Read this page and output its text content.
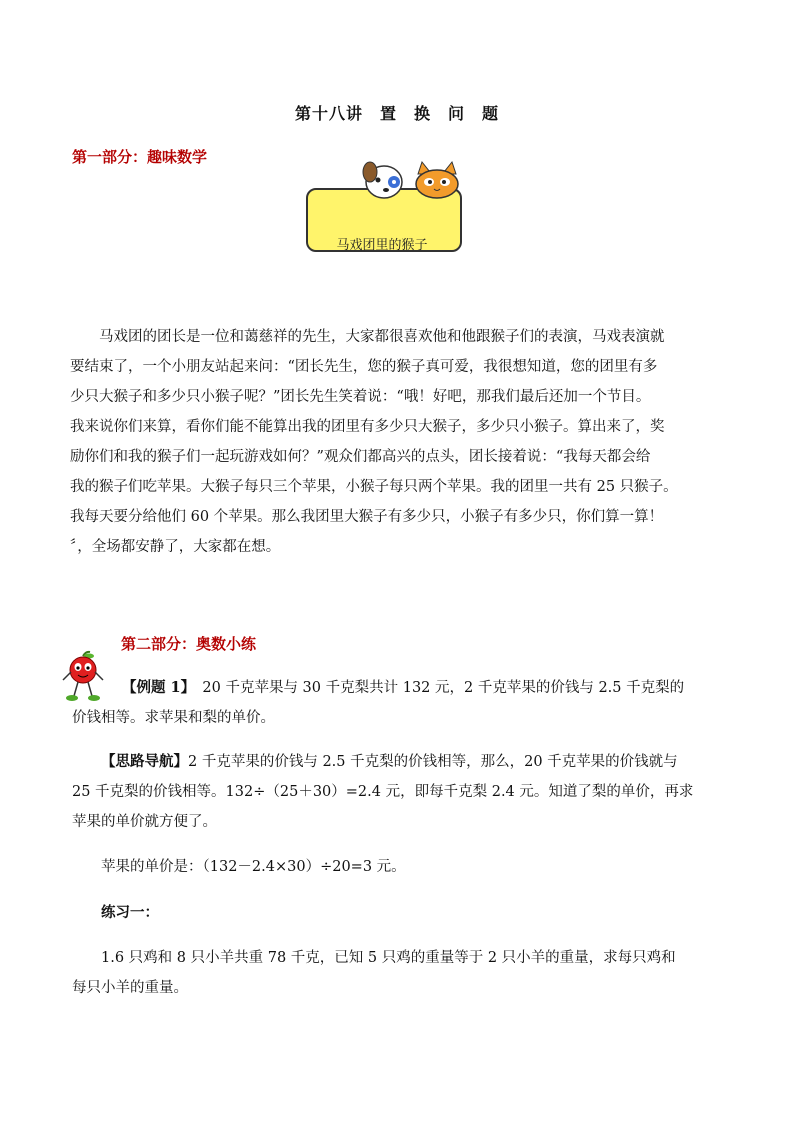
第十八讲　置　换　问　题
第一部分：趣味数学
马戏团里的猴子
马戏团的团长是一位和蔼慈祥的先生，大家都很喜欢他和他跟猴子们的表演，马戏表演就
要结束了，一个小朋友站起来问：“团长先生，您的猴子真可爱，我很想知道，您的团里有多
少只大猴子和多少只小猴子呢？”团长先生笑着说：“哦！好吧，那我们最后还加一个节目。
我来说你们来算，看你们能不能算出我的团里有多少只大猴子，多少只小猴子。算出来了，奖
励你们和我的猴子们一起玩游戏如何？”观众们都高兴的点头，团长接着说：“我每天都会给
我的猴子们吃苹果。大猴子每只三个苹果，小猴子每只两个苹果。我的团里一共有 25 只猴子。
我每天要分给他们 60 个苹果。那么我团里大猴子有多少只，小猴子有多少只，你们算一算！
〞，全场都安静了，大家都在想。
第二部分：奥数小练
【例题 1】　20 千克苹果与 30 千克梨共计 132 元，2 千克苹果的价钱与 2.5 千克梨的
价钱相等。求苹果和梨的单价。
【思路导航】2 千克苹果的价钱与 2.5 千克梨的价钱相等，那么，20 千克苹果的价钱就与
25 千克梨的价钱相等。132÷（25＋30）=2.4 元，即每千克梨 2.4 元。知道了梨的单价，再求
苹果的单价就方便了。
苹果的单价是：（132－2.4×30）÷20=3 元。
练习一：
1.6 只鸡和 8 只小羊共重 78 千克，已知 5 只鸡的重量等于 2 只小羊的重量，求每只鸡和
每只小羊的重量。
